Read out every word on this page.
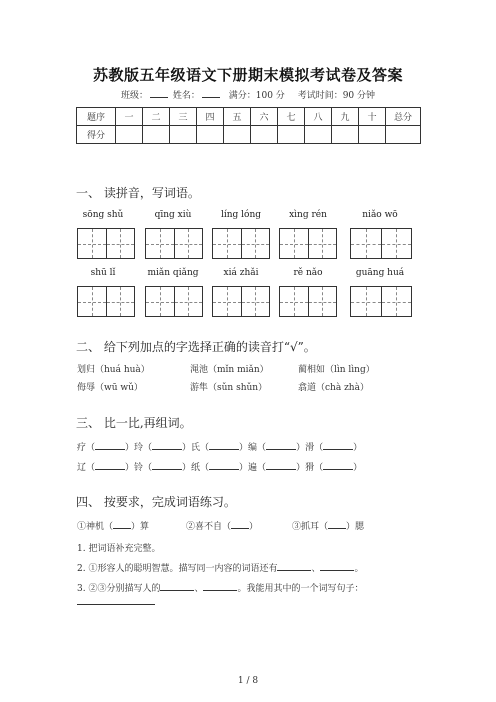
苏教版五年级语文下册期末模拟考试卷及答案
班级：	姓名：	满分：100 分 考试时间：90 分钟
题序	一	二	三	四	五	六	七	八	九	十	总分
得分											
一、 读拼音，写词语。
sōng shǔ	qīng xiù	líng lóng	xìng rén	niǎo wō
shū lǐ	miǎn qiǎng	xiá zhǎi	rě nǎo	guāng huá
二、 给下列加点的字选择正确的读音打“√”。
划归（huá huà）	渑池（mǐn miǎn）	蔺相如（lìn lìng）
侮辱（wū wǔ）	游隼（sǔn shǔn）	翕道（chà zhà）
三、 比一比,再组词。
疗（	）玲（	）氏（	）编（	）滑（	）
辽（	）铃（	）纸（	）遍（	）猾（	）
四、 按要求，完成词语练习。
①神机（ ）算	②喜不自（ ）	③抓耳（ ）腮
1. 把词语补充完整。
2. ①形容人的聪明智慧。描写同一内容的词语还有	、	。
3. ②③分别描写人的	、	。我能用其中的一个词写句子：
1 / 8
